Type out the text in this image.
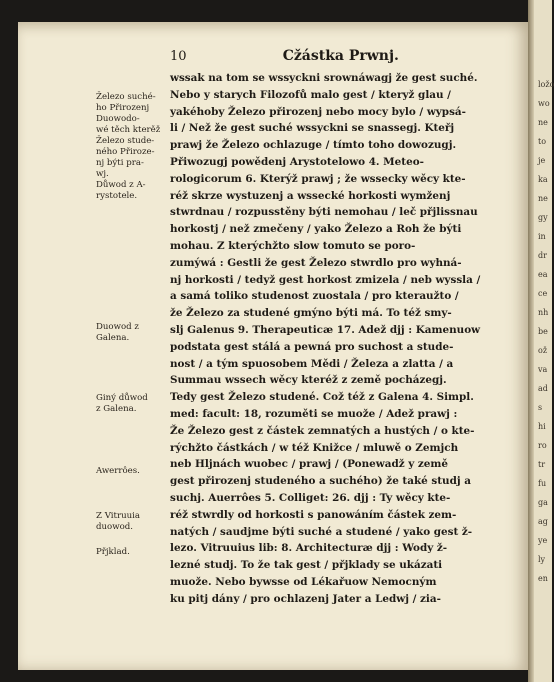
ložo
wo
ne
to
je
ka
ne
gy
in
dr
ea
ce
nh
be
ož
va
ad
s
hi
ro
tr
fu
ga
ag
ye
ly
en
10	Cžástka Prwnj.
Železo suché-
ho Přirozenj
Duowodo-
wé těch kterěž
Železo stude-
ného Přiroze-
nj býti pra-
wj.
Důwod z A-
rystotele.
Duowod z
Galena.
Giný důwod
z Galena.
Awerrôes.
Z Vitruuia
duowod.
Přjklad.
wssak na tom se wssyckni srownáwagj že gest suché.
Nebo y starych Filozofů malo gest / kteryž glau /
yakéhoby Železo přirozenj nebo mocy bylo / wypsá-
li / Než že gest suché wssyckni se snassegj. Kteřj
prawj že Železo ochlazuge / tímto toho dowozugj.
Přiwozugj powědenj Arystotelowo 4. Meteo-
rologicorum 6. Kterýž prawj ; že wssecky wěcy kte-
réž skrze wystuzenj a wssecké horkosti wymženj
stwrdnau / rozpusstěny býti nemohau / leč přjlissnau
horkostj / než zmečeny / yako Železo a Roh že býti
mohau. Z kterýchžto slow tomuto se poro-
zumýwá : Gestli že gest Železo stwrdlo pro wyhná-
nj horkosti / tedyž gest horkost zmizela / neb wyssla /
a samá toliko studenost zuostala / pro kteraužto /
že Železo za studené gmýno býti má. To též smy-
slj Galenus 9. Therapeuticæ 17. Adež djj : Kamenuow
podstata gest stálá a pewná pro suchost a stude-
nost / a tým spuosobem Mědi / Železa a zlatta / a
Summau wssech wěcy kteréž z země pocházegj.
Tedy gest Železo studené. Což též z Galena 4. Simpl.
med: facult: 18, rozuměti se muože / Adež prawj :
Že Železo gest z částek zemnatých a hustých / o kte-
rýchžto částkách / w též Knižce / mluwě o Zemjch
neb Hljnách wuobec / prawj / (Ponewadž y země
gest přirozenj studeného a suchého) že také studj a
suchj. Auerrôes 5. Colliget: 26. djj : Ty wěcy kte-
réž stwrdly od horkosti s panowáním částek zem-
natých / saudjme býti suché a studené / yako gest ž-
lezo. Vitruuius lib: 8. Architecturæ djj : Wody ž-
lezné studj. To že tak gest / přjklady se ukázati
muože. Nebo bywsse od Lékařuow Nemocným
ku pitj dány / pro ochlazenj Jater a Ledwj / zia-
